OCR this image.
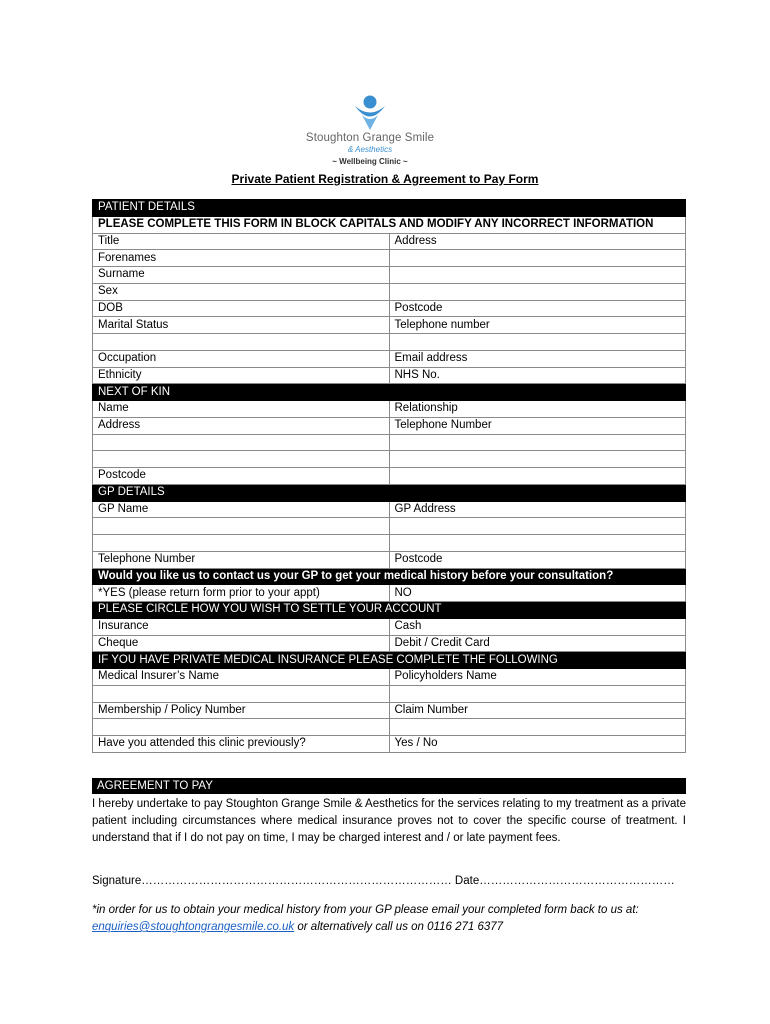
Stoughton Grange Smile
& Aesthetics
~ Wellbeing Clinic ~
Private Patient Registration & Agreement to Pay Form
PATIENT DETAILS	
PLEASE COMPLETE THIS FORM IN BLOCK CAPITALS AND MODIFY ANY INCORRECT INFORMATION	
Title	Address
Forenames	
Surname	
Sex	
DOB	Postcode
Marital Status	Telephone number

Occupation	Email address
Ethnicity	NHS No.
NEXT OF KIN	
Name	Relationship
Address	Telephone Number

Postcode	
GP DETAILS	
GP Name	GP Address

Telephone Number	Postcode
Would you like us to contact us your GP to get your medical history before your consultation?	
*YES (please return form prior to your appt)	NO
PLEASE CIRCLE HOW YOU WISH TO SETTLE YOUR ACCOUNT	
Insurance	Cash
Cheque	Debit / Credit Card
IF YOU HAVE PRIVATE MEDICAL INSURANCE PLEASE COMPLETE THE FOLLOWING	
Medical Insurer’s Name	Policyholders Name

Membership / Policy Number	Claim Number

Have you attended this clinic previously?	Yes / No
AGREEMENT TO PAY
I hereby undertake to pay Stoughton Grange Smile & Aesthetics for the services relating to my treatment as a private patient including circumstances where medical insurance proves not to cover the specific course of treatment. I understand that if I do not pay on time, I may be charged interest and / or late payment fees.
Signature……………………………………………………………………… Date……………………………………………
*in order for us to obtain your medical history from your GP please email your completed form back to us at: enquiries@stoughtongrangesmile.co.uk or alternatively call us on 0116 271 6377
